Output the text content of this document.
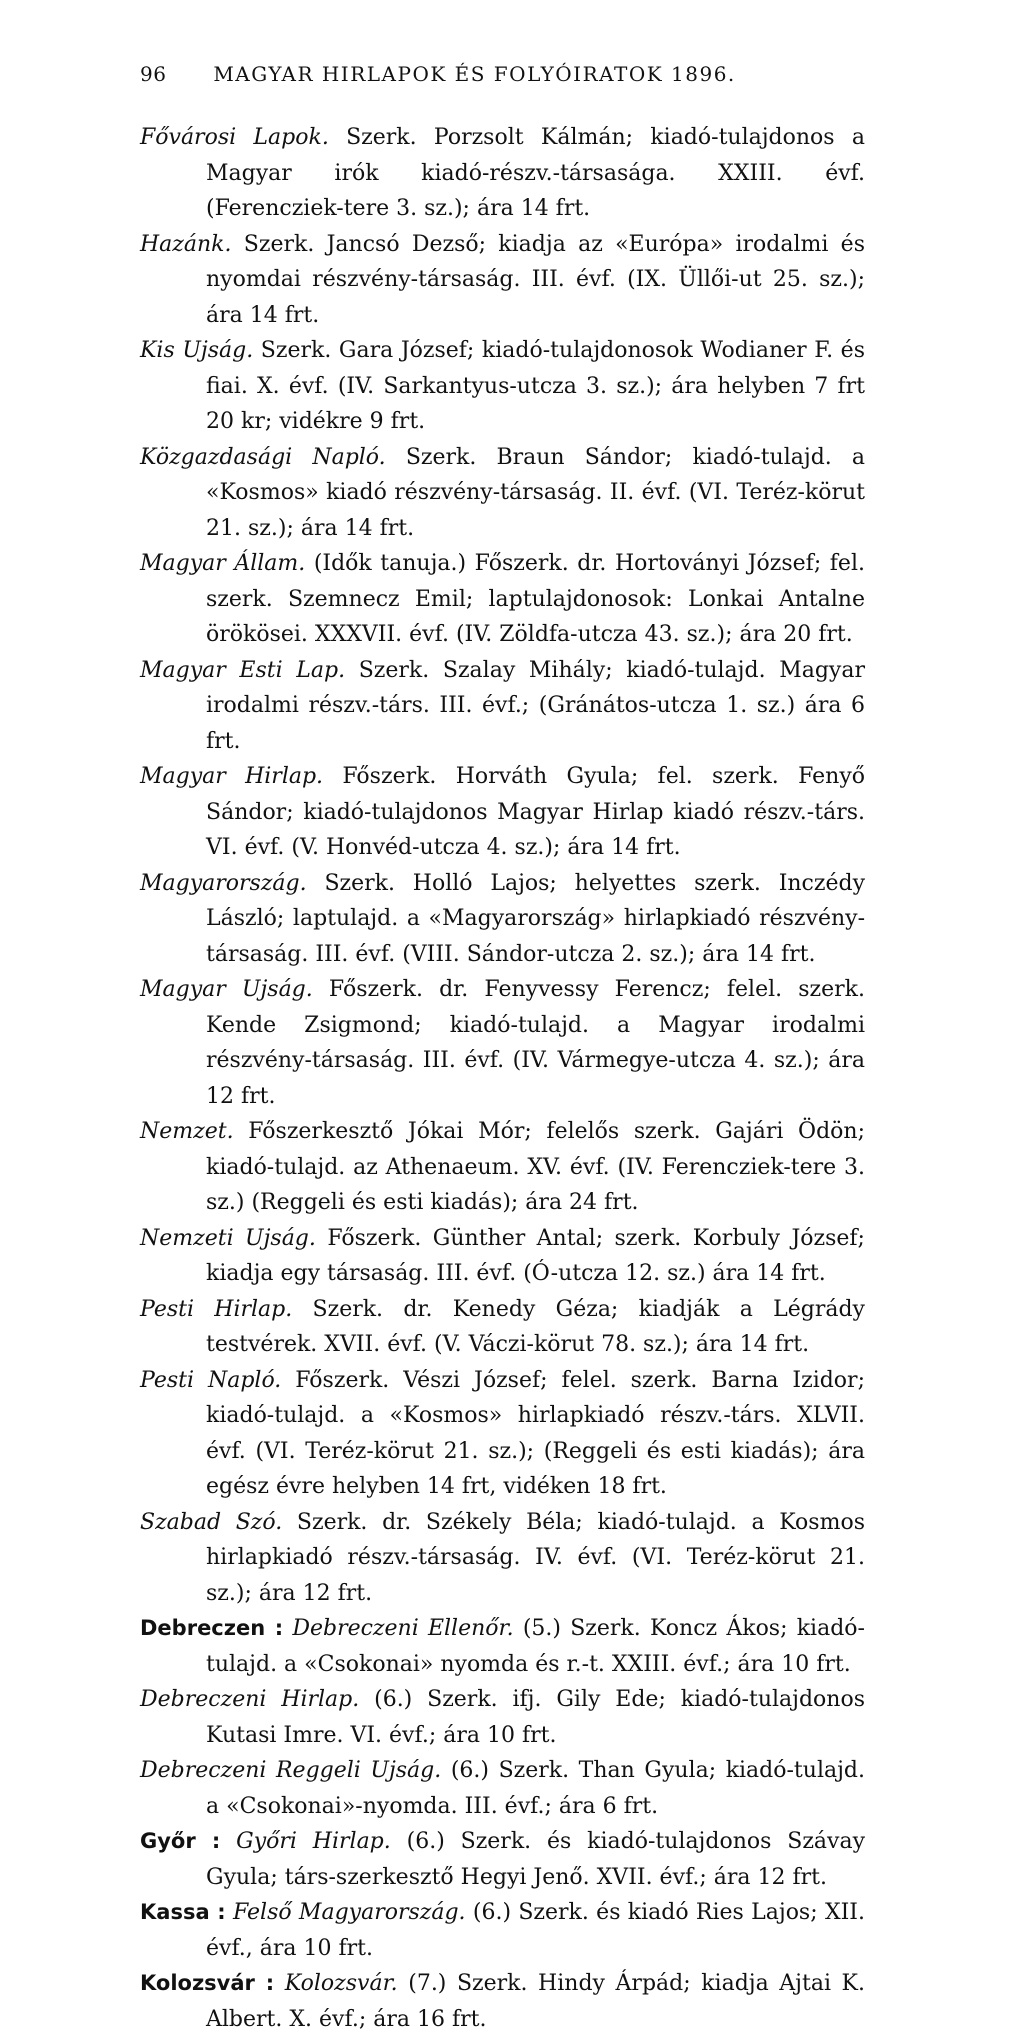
96 MAGYAR HIRLAPOK ÉS FOLYÓIRATOK 1896.

Fővárosi Lapok. Szerk. Porzsolt Kálmán; kiadó-tulajdonos a Magyar irók kiadó-részv.-társasága. XXIII. évf. (Ferencziek-tere 3. sz.); ára 14 frt.

Hazánk. Szerk. Jancsó Dezső; kiadja az «Európa» irodalmi és nyomdai részvény-társaság. III. évf. (IX. Üllői-ut 25. sz.); ára 14 frt.

Kis Ujság. Szerk. Gara József; kiadó-tulajdonosok Wodianer F. és fiai. X. évf. (IV. Sarkantyus-utcza 3. sz.); ára helyben 7 frt 20 kr; vidékre 9 frt.

Közgazdasági Napló. Szerk. Braun Sándor; kiadó-tulajd. a «Kosmos» kiadó részvény-társaság. II. évf. (VI. Teréz-körut 21. sz.); ára 14 frt.

Magyar Állam. (Idők tanuja.) Főszerk. dr. Hortoványi József; fel. szerk. Szemnecz Emil; laptulajdonosok: Lonkai Antalne örökösei. XXXVII. évf. (IV. Zöldfa-utcza 43. sz.); ára 20 frt.

Magyar Esti Lap. Szerk. Szalay Mihály; kiadó-tulajd. Magyar irodalmi részv.-társ. III. évf.; (Gránátos-utcza 1. sz.) ára 6 frt.

Magyar Hirlap. Főszerk. Horváth Gyula; fel. szerk. Fenyő Sándor; kiadó-tulajdonos Magyar Hirlap kiadó részv.-társ. VI. évf. (V. Honvéd-utcza 4. sz.); ára 14 frt.

Magyarország. Szerk. Holló Lajos; helyettes szerk. Inczédy László; laptulajd. a «Magyarország» hirlapkiadó részvény-társaság. III. évf. (VIII. Sándor-utcza 2. sz.); ára 14 frt.

Magyar Ujság. Főszerk. dr. Fenyvessy Ferencz; felel. szerk. Kende Zsigmond; kiadó-tulajd. a Magyar irodalmi részvény-társaság. III. évf. (IV. Vármegye-utcza 4. sz.); ára 12 frt.

Nemzet. Főszerkesztő Jókai Mór; felelős szerk. Gajári Ödön; kiadó-tulajd. az Athenaeum. XV. évf. (IV. Ferencziek-tere 3. sz.) (Reggeli és esti kiadás); ára 24 frt.

Nemzeti Ujság. Főszerk. Günther Antal; szerk. Korbuly József; kiadja egy társaság. III. évf. (Ó-utcza 12. sz.) ára 14 frt.

Pesti Hirlap. Szerk. dr. Kenedy Géza; kiadják a Légrády testvérek. XVII. évf. (V. Váczi-körut 78. sz.); ára 14 frt.

Pesti Napló. Főszerk. Vészi József; felel. szerk. Barna Izidor; kiadó-tulajd. a «Kosmos» hirlapkiadó részv.-társ. XLVII. évf. (VI. Teréz-körut 21. sz.); (Reggeli és esti kiadás); ára egész évre helyben 14 frt, vidéken 18 frt.

Szabad Szó. Szerk. dr. Székely Béla; kiadó-tulajd. a Kosmos hirlapkiadó részv.-társaság. IV. évf. (VI. Teréz-körut 21. sz.); ára 12 frt.

Debreczen : Debreczeni Ellenőr. (5.) Szerk. Koncz Ákos; kiadó-tulajd. a «Csokonai» nyomda és r.-t. XXIII. évf.; ára 10 frt.

Debreczeni Hirlap. (6.) Szerk. ifj. Gily Ede; kiadó-tulajdonos Kutasi Imre. VI. évf.; ára 10 frt.

Debreczeni Reggeli Ujság. (6.) Szerk. Than Gyula; kiadó-tulajd. a «Csokonai»-nyomda. III. évf.; ára 6 frt.

Győr : Győri Hirlap. (6.) Szerk. és kiadó-tulajdonos Szávay Gyula; társ-szerkesztő Hegyi Jenő. XVII. évf.; ára 12 frt.

Kassa : Felső Magyarország. (6.) Szerk. és kiadó Ries Lajos; XII. évf., ára 10 frt.

Kolozsvár : Kolozsvár. (7.) Szerk. Hindy Árpád; kiadja Ajtai K. Albert. X. évf.; ára 16 frt.
